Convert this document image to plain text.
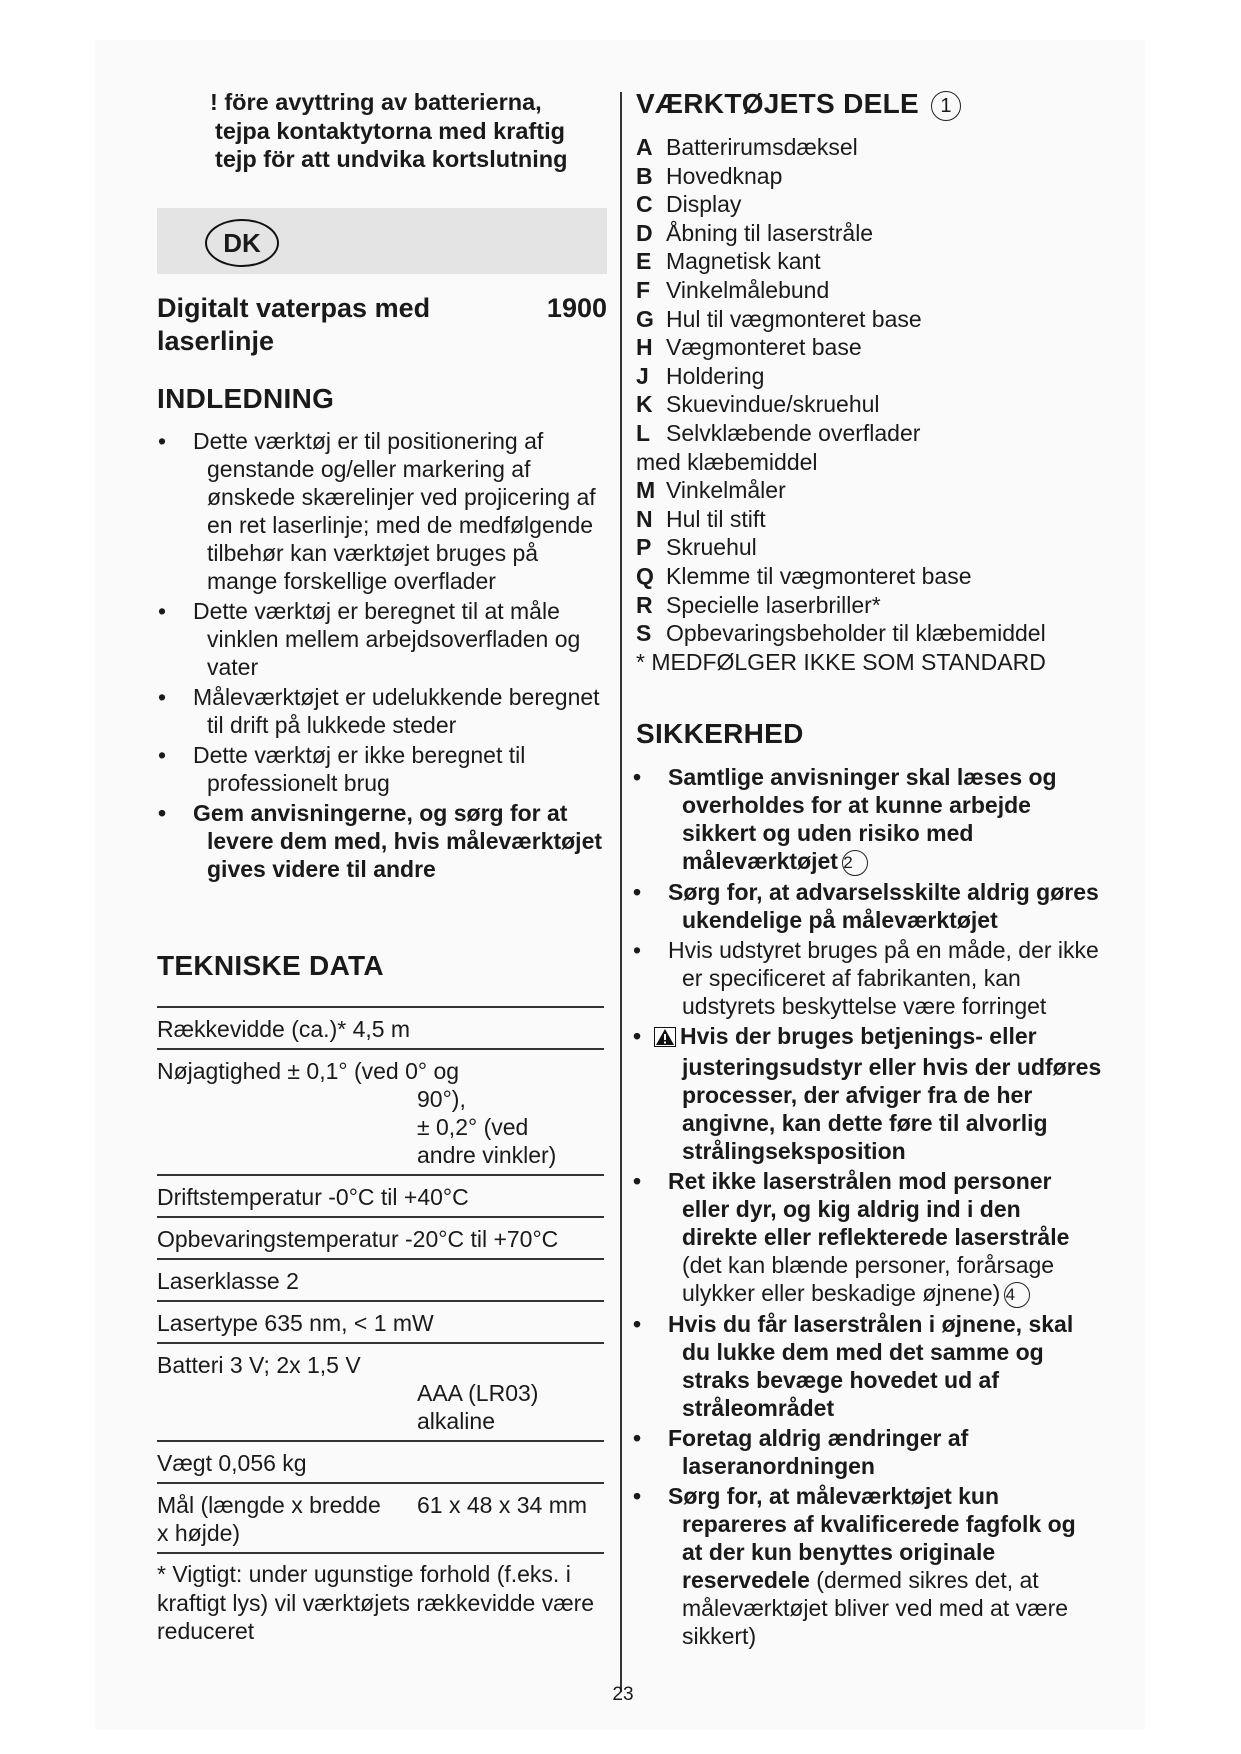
! före avyttring av batterierna,
tejpa kontaktytorna med kraftig
tejp för att undvika kortslutning
DK
Digitalt vaterpas med
laserlinje
1900
INDLEDNING
• Dette værktøj er til positionering af genstande og/eller markering af ønskede skærelinjer ved projicering af en ret laserlinje; med de medfølgende tilbehør kan værktøjet bruges på mange forskellige overflader
• Dette værktøj er beregnet til at måle vinklen mellem arbejdsoverfladen og vater
• Måleværktøjet er udelukkende beregnet til drift på lukkede steder
• Dette værktøj er ikke beregnet til professionelt brug
• Gem anvisningerne, og sørg for at levere dem med, hvis måleværktøjet gives videre til andre
TEKNISKE DATA
Rækkevidde (ca.)* 4,5 m
Nøjagtighed ± 0,1° (ved 0° og
90°),
± 0,2° (ved
andre vinkler)
Driftstemperatur -0°C til +40°C
Opbevaringstemperatur -20°C til +70°C
Laserklasse 2
Lasertype 635 nm, < 1 mW
Batteri 3 V; 2x 1,5 V
AAA (LR03)
alkaline
Vægt 0,056 kg
Mål (længde x bredde
x højde)
61 x 48 x 34 mm
* Vigtigt: under ugunstige forhold (f.eks. i kraftigt lys) vil værktøjets rækkevidde være reduceret
VÆRKTØJETS DELE 1
A Batterirumsdæksel
B Hovedknap
C Display
D Åbning til laserstråle
E Magnetisk kant
F Vinkelmålebund
G Hul til vægmonteret base
H Vægmonteret base
J Holdering
K Skuevindue/skruehul
L Selvklæbende overflader
med klæbemiddel
M Vinkelmåler
N Hul til stift
P Skruehul
Q Klemme til vægmonteret base
R Specielle laserbriller*
S Opbevaringsbeholder til klæbemiddel
* MEDFØLGER IKKE SOM STANDARD
SIKKERHED
• Samtlige anvisninger skal læses og overholdes for at kunne arbejde sikkert og uden risiko med måleværktøjet 2
• Sørg for, at advarselsskilte aldrig gøres ukendelige på måleværktøjet
• Hvis udstyret bruges på en måde, der ikke er specificeret af fabrikanten, kan udstyrets beskyttelse være forringet
•	Hvis der bruges betjenings- eller justeringsudstyr eller hvis der udføres processer, der afviger fra de her angivne, kan dette føre til alvorlig strålingseksposition
• Ret ikke laserstrålen mod personer eller dyr, og kig aldrig ind i den direkte eller reflekterede laserstråle (det kan blænde personer, forårsage ulykker eller beskadige øjnene) 4
• Hvis du får laserstrålen i øjnene, skal du lukke dem med det samme og straks bevæge hovedet ud af stråleområdet
• Foretag aldrig ændringer af laseranordningen
• Sørg for, at måleværktøjet kun repareres af kvalificerede fagfolk og at der kun benyttes originale reservedele (dermed sikres det, at måleværktøjet bliver ved med at være sikkert)
23
